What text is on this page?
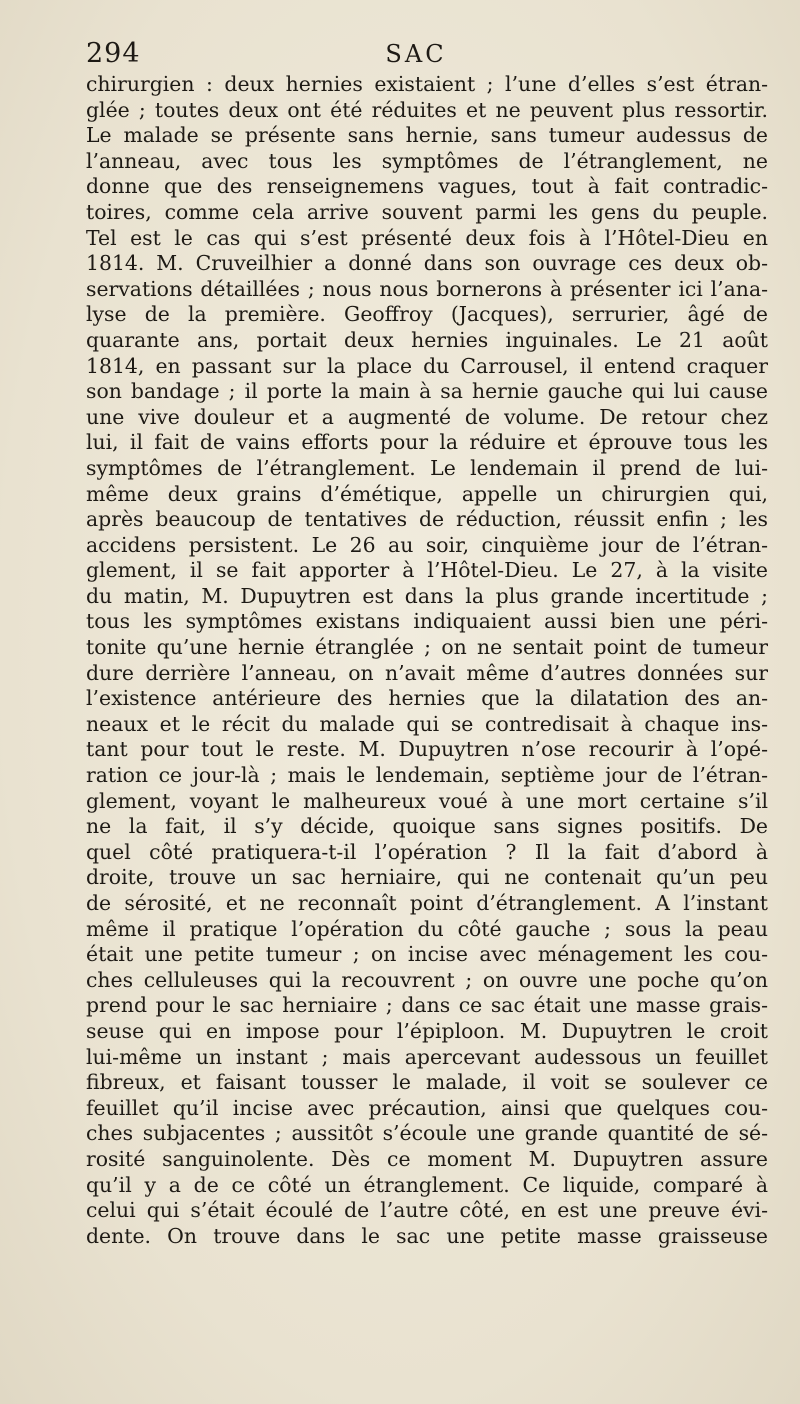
294	SAC
chirurgien : deux hernies existaient ; l’une d’elles s’est étran-
glée ; toutes deux ont été réduites et ne peuvent plus ressortir.
Le malade se présente sans hernie, sans tumeur audessus de
l’anneau, avec tous les symptômes de l’étranglement, ne
donne que des renseignemens vagues, tout à fait contradic-
toires, comme cela arrive souvent parmi les gens du peuple.
Tel est le cas qui s’est présenté deux fois à l’Hôtel-Dieu en
1814. M. Cruveilhier a donné dans son ouvrage ces deux ob-
servations détaillées ; nous nous bornerons à présenter ici l’ana-
lyse de la première. Geoffroy (Jacques), serrurier, âgé de
quarante ans, portait deux hernies inguinales. Le 21 août
1814, en passant sur la place du Carrousel, il entend craquer
son bandage ; il porte la main à sa hernie gauche qui lui cause
une vive douleur et a augmenté de volume. De retour chez
lui, il fait de vains efforts pour la réduire et éprouve tous les
symptômes de l’étranglement. Le lendemain il prend de lui-
même deux grains d’émétique, appelle un chirurgien qui,
après beaucoup de tentatives de réduction, réussit enfin ; les
accidens persistent. Le 26 au soir, cinquième jour de l’étran-
glement, il se fait apporter à l’Hôtel-Dieu. Le 27, à la visite
du matin, M. Dupuytren est dans la plus grande incertitude ;
tous les symptômes existans indiquaient aussi bien une péri-
tonite qu’une hernie étranglée ; on ne sentait point de tumeur
dure derrière l’anneau, on n’avait même d’autres données sur
l’existence antérieure des hernies que la dilatation des an-
neaux et le récit du malade qui se contredisait à chaque ins-
tant pour tout le reste. M. Dupuytren n’ose recourir à l’opé-
ration ce jour-là ; mais le lendemain, septième jour de l’étran-
glement, voyant le malheureux voué à une mort certaine s’il
ne la fait, il s’y décide, quoique sans signes positifs. De
quel côté pratiquera-t-il l’opération ? Il la fait d’abord à
droite, trouve un sac herniaire, qui ne contenait qu’un peu
de sérosité, et ne reconnaît point d’étranglement. A l’instant
même il pratique l’opération du côté gauche ; sous la peau
était une petite tumeur ; on incise avec ménagement les cou-
ches celluleuses qui la recouvrent ; on ouvre une poche qu’on
prend pour le sac herniaire ; dans ce sac était une masse grais-
seuse qui en impose pour l’épiploon. M. Dupuytren le croit
lui-même un instant ; mais apercevant audessous un feuillet
fibreux, et faisant tousser le malade, il voit se soulever ce
feuillet qu’il incise avec précaution, ainsi que quelques cou-
ches subjacentes ; aussitôt s’écoule une grande quantité de sé-
rosité sanguinolente. Dès ce moment M. Dupuytren assure
qu’il y a de ce côté un étranglement. Ce liquide, comparé à
celui qui s’était écoulé de l’autre côté, en est une preuve évi-
dente. On trouve dans le sac une petite masse graisseuse
